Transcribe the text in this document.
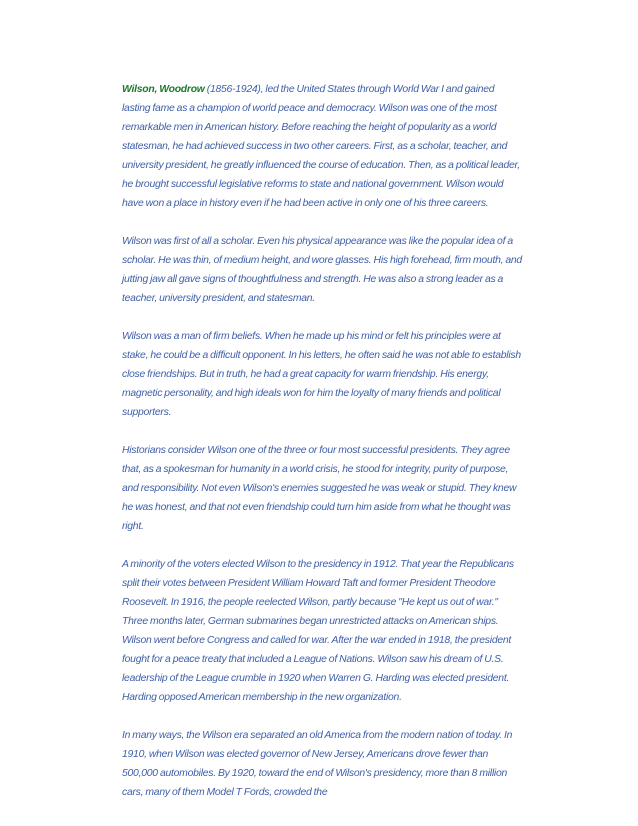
Wilson, Woodrow (1856-1924), led the United States through World War I and gained lasting fame as a champion of world peace and democracy. Wilson was one of the most remarkable men in American history. Before reaching the height of popularity as a world statesman, he had achieved success in two other careers. First, as a scholar, teacher, and university president, he greatly influenced the course of education. Then, as a political leader, he brought successful legislative reforms to state and national government. Wilson would have won a place in history even if he had been active in only one of his three careers.

Wilson was first of all a scholar. Even his physical appearance was like the popular idea of a scholar. He was thin, of medium height, and wore glasses. His high forehead, firm mouth, and jutting jaw all gave signs of thoughtfulness and strength. He was also a strong leader as a teacher, university president, and statesman.

Wilson was a man of firm beliefs. When he made up his mind or felt his principles were at stake, he could be a difficult opponent. In his letters, he often said he was not able to establish close friendships. But in truth, he had a great capacity for warm friendship. His energy, magnetic personality, and high ideals won for him the loyalty of many friends and political supporters.

Historians consider Wilson one of the three or four most successful presidents. They agree that, as a spokesman for humanity in a world crisis, he stood for integrity, purity of purpose, and responsibility. Not even Wilson's enemies suggested he was weak or stupid. They knew he was honest, and that not even friendship could turn him aside from what he thought was right.

A minority of the voters elected Wilson to the presidency in 1912. That year the Republicans split their votes between President William Howard Taft and former President Theodore Roosevelt. In 1916, the people reelected Wilson, partly because "He kept us out of war." Three months later, German submarines began unrestricted attacks on American ships. Wilson went before Congress and called for war. After the war ended in 1918, the president fought for a peace treaty that included a League of Nations. Wilson saw his dream of U.S. leadership of the League crumble in 1920 when Warren G. Harding was elected president. Harding opposed American membership in the new organization.

In many ways, the Wilson era separated an old America from the modern nation of today. In 1910, when Wilson was elected governor of New Jersey, Americans drove fewer than 500,000 automobiles. By 1920, toward the end of Wilson's presidency, more than 8 million cars, many of them Model T Fords, crowded the
